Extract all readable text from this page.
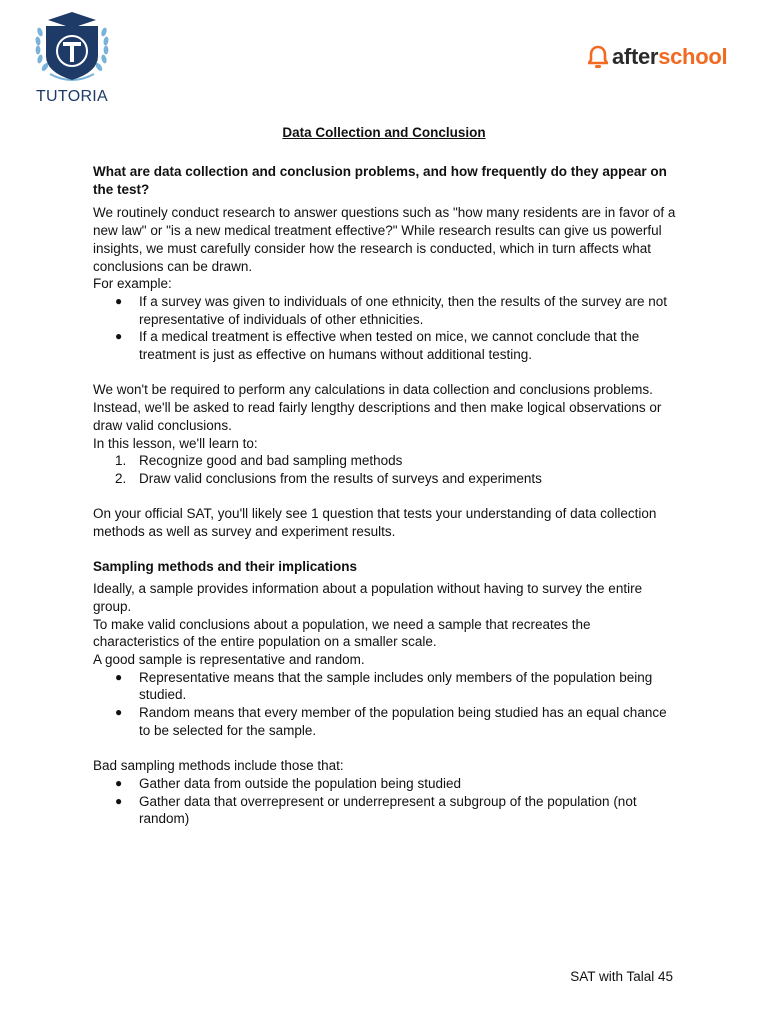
TUTORIA
afterschool
Data Collection and Conclusion

What are data collection and conclusion problems, and how frequently do they appear on the test?

We routinely conduct research to answer questions such as "how many residents are in favor of a new law" or "is a new medical treatment effective?" While research results can give us powerful insights, we must carefully consider how the research is conducted, which in turn affects what conclusions can be drawn.

For example:

● If a survey was given to individuals of one ethnicity, then the results of the survey are not representative of individuals of other ethnicities.
● If a medical treatment is effective when tested on mice, we cannot conclude that the treatment is just as effective on humans without additional testing.

We won't be required to perform any calculations in data collection and conclusions problems. Instead, we'll be asked to read fairly lengthy descriptions and then make logical observations or draw valid conclusions.

In this lesson, we'll learn to:

1. Recognize good and bad sampling methods
2. Draw valid conclusions from the results of surveys and experiments

On your official SAT, you'll likely see 1 question that tests your understanding of data collection methods as well as survey and experiment results.

Sampling methods and their implications

Ideally, a sample provides information about a population without having to survey the entire group.

To make valid conclusions about a population, we need a sample that recreates the characteristics of the entire population on a smaller scale.

A good sample is representative and random.

● Representative means that the sample includes only members of the population being studied.
● Random means that every member of the population being studied has an equal chance to be selected for the sample.

Bad sampling methods include those that:

● Gather data from outside the population being studied
● Gather data that overrepresent or underrepresent a subgroup of the population (not random)
SAT with Talal 45
